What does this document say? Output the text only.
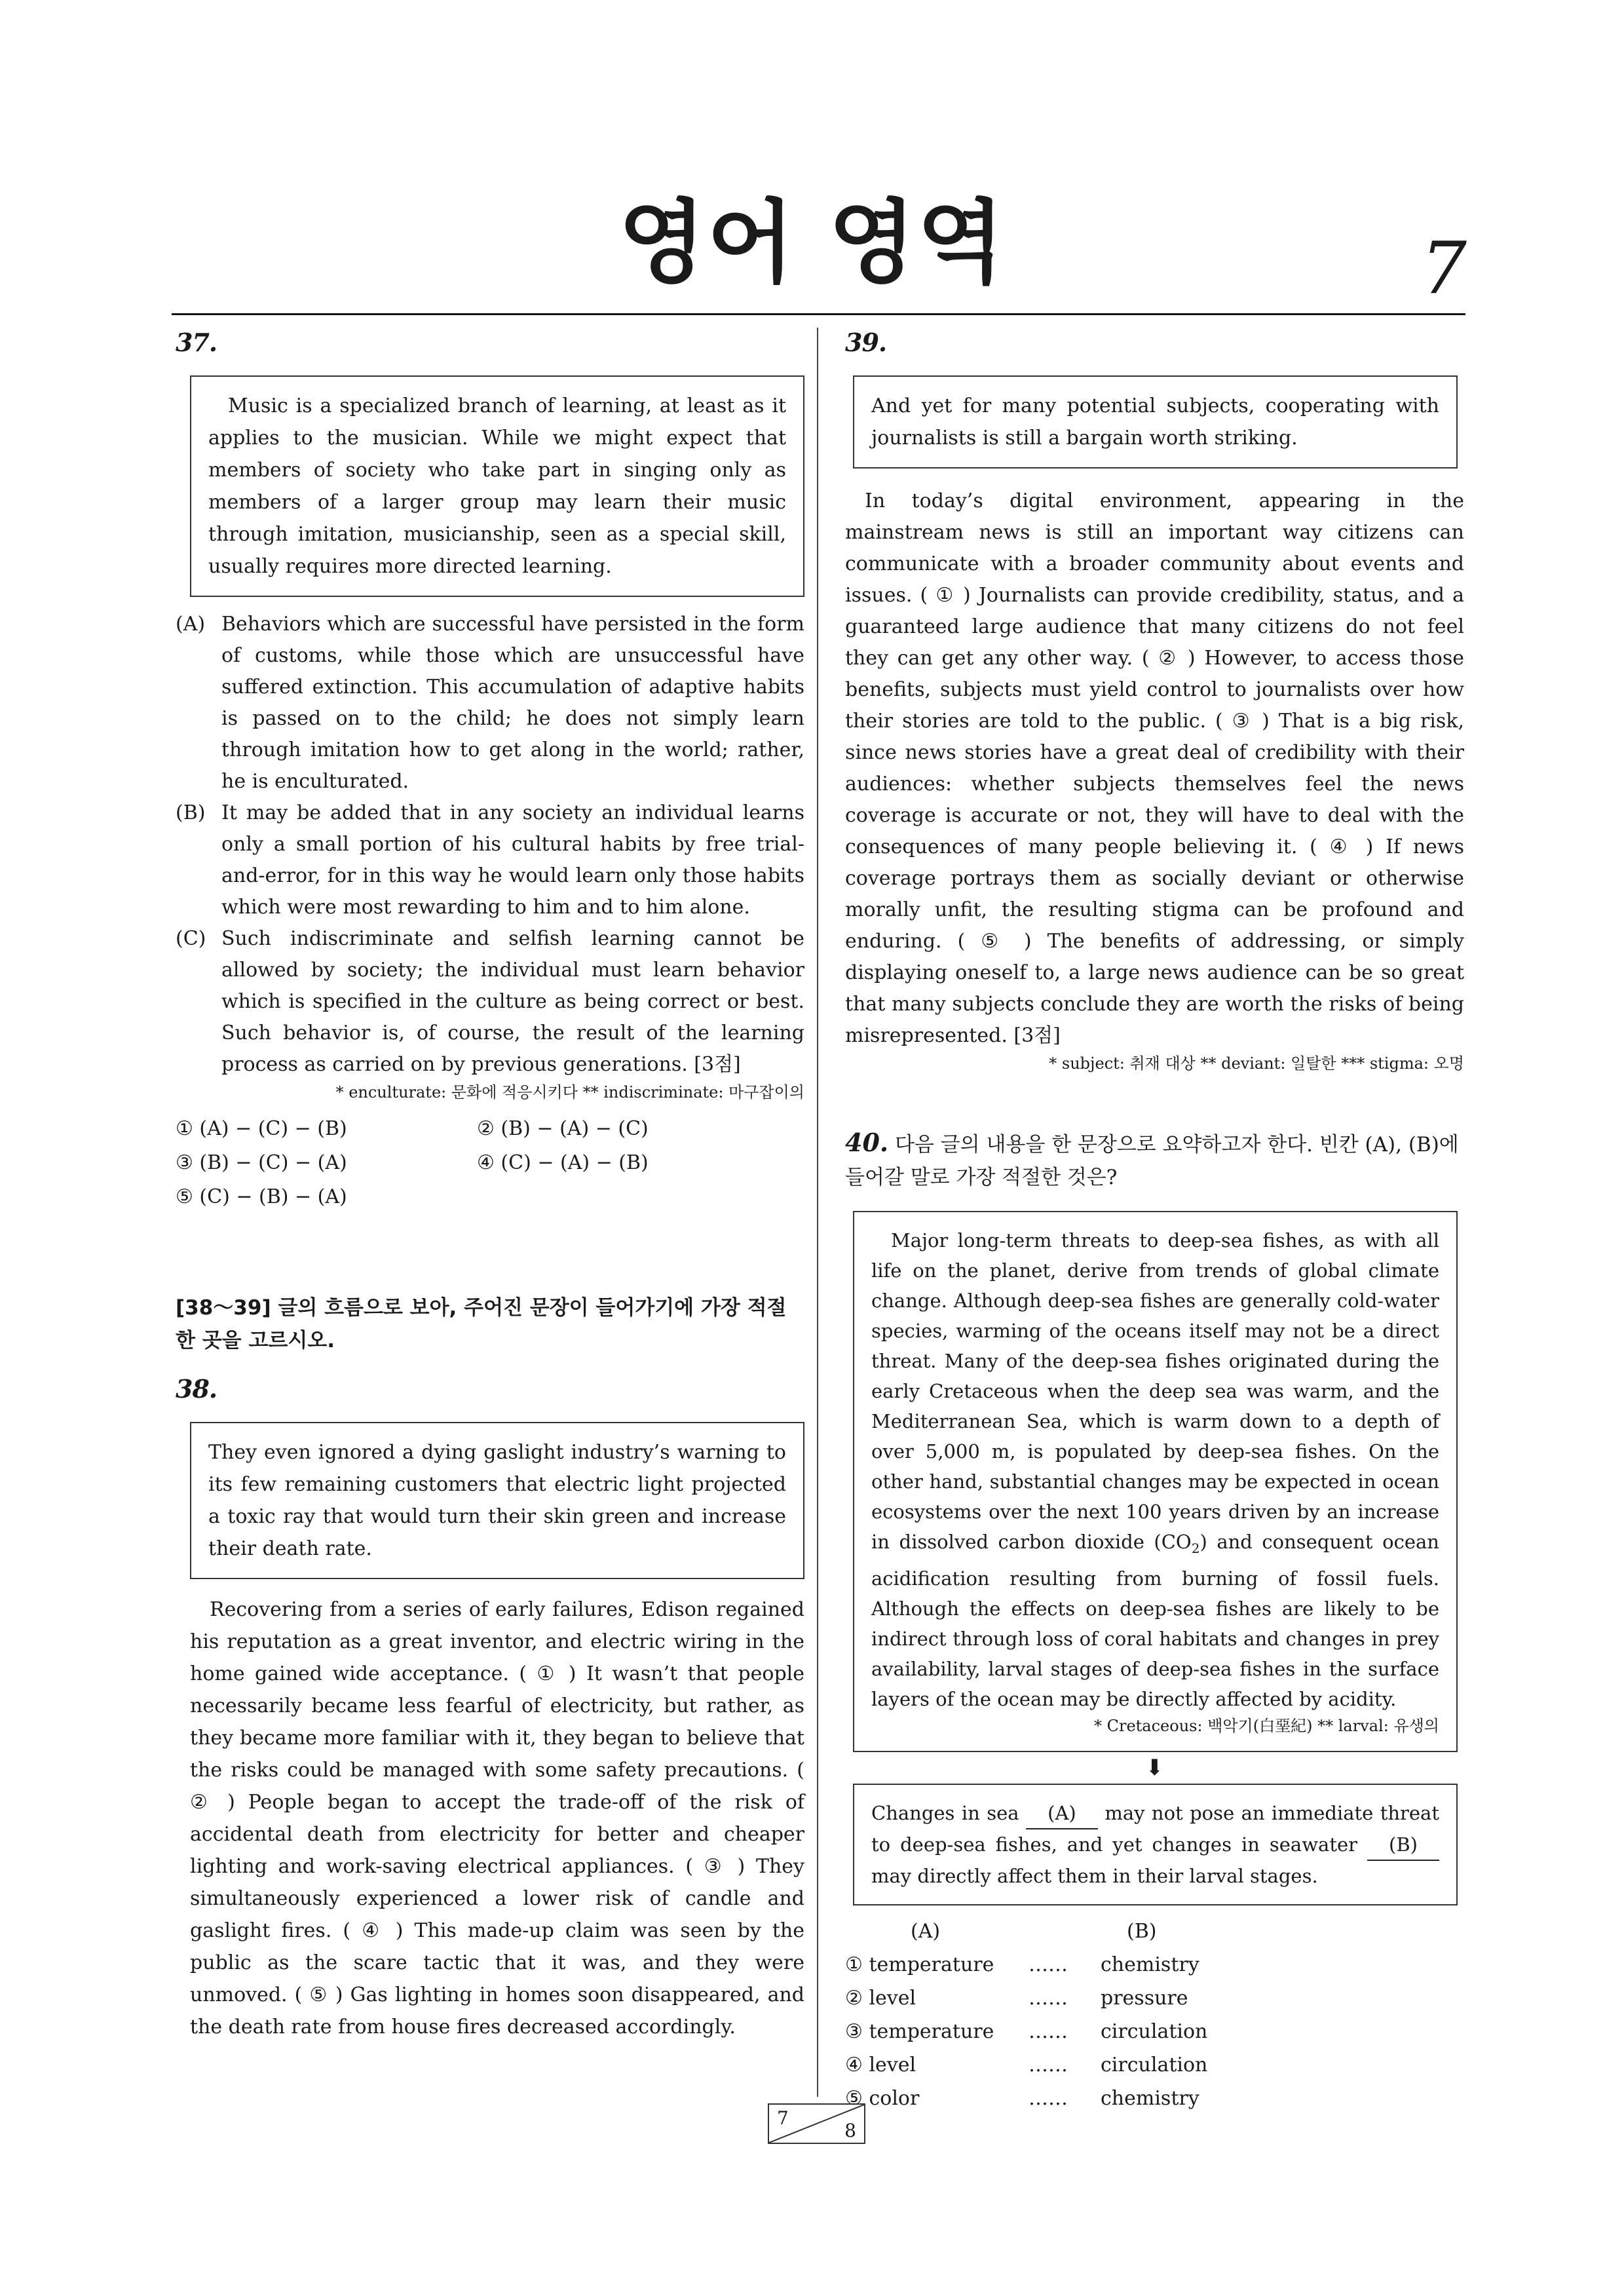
영어 영역	7
37.
Music is a specialized branch of learning, at least as it applies to the musician. While we might expect that members of society who take part in singing only as members of a larger group may learn their music through imitation, musicianship, seen as a special skill, usually requires more directed learning.
(A) Behaviors which are successful have persisted in the form of customs, while those which are unsuccessful have suffered extinction. This accumulation of adaptive habits is passed on to the child; he does not simply learn through imitation how to get along in the world; rather, he is enculturated.
(B) It may be added that in any society an individual learns only a small portion of his cultural habits by free trial-and-error, for in this way he would learn only those habits which were most rewarding to him and to him alone.
(C) Such indiscriminate and selfish learning cannot be allowed by society; the individual must learn behavior which is specified in the culture as being correct or best. Such behavior is, of course, the result of the learning process as carried on by previous generations. [3점]
* enculturate: 문화에 적응시키다 ** indiscriminate: 마구잡이의
① (A) − (C) − (B)	② (B) − (A) − (C)
③ (B) − (C) − (A)	④ (C) − (A) − (B)
⑤ (C) − (B) − (A)
[38～39] 글의 흐름으로 보아, 주어진 문장이 들어가기에 가장 적절한 곳을 고르시오.
38.
They even ignored a dying gaslight industry’s warning to its few remaining customers that electric light projected a toxic ray that would turn their skin green and increase their death rate.
Recovering from a series of early failures, Edison regained his reputation as a great inventor, and electric wiring in the home gained wide acceptance. ( ① ) It wasn’t that people necessarily became less fearful of electricity, but rather, as they became more familiar with it, they began to believe that the risks could be managed with some safety precautions. ( ② ) People began to accept the trade-off of the risk of accidental death from electricity for better and cheaper lighting and work-saving electrical appliances. ( ③ ) They simultaneously experienced a lower risk of candle and gaslight fires. ( ④ ) This made-up claim was seen by the public as the scare tactic that it was, and they were unmoved. ( ⑤ ) Gas lighting in homes soon disappeared, and the death rate from house fires decreased accordingly.
39.
And yet for many potential subjects, cooperating with journalists is still a bargain worth striking.
In today’s digital environment, appearing in the mainstream news is still an important way citizens can communicate with a broader community about events and issues. ( ① ) Journalists can provide credibility, status, and a guaranteed large audience that many citizens do not feel they can get any other way. ( ② ) However, to access those benefits, subjects must yield control to journalists over how their stories are told to the public. ( ③ ) That is a big risk, since news stories have a great deal of credibility with their audiences: whether subjects themselves feel the news coverage is accurate or not, they will have to deal with the consequences of many people believing it. ( ④ ) If news coverage portrays them as socially deviant or otherwise morally unfit, the resulting stigma can be profound and enduring. ( ⑤ ) The benefits of addressing, or simply displaying oneself to, a large news audience can be so great that many subjects conclude they are worth the risks of being misrepresented. [3점]
* subject: 취재 대상 ** deviant: 일탈한 *** stigma: 오명
40. 다음 글의 내용을 한 문장으로 요약하고자 한다. 빈칸 (A), (B)에 들어갈 말로 가장 적절한 것은?
Major long-term threats to deep-sea fishes, as with all life on the planet, derive from trends of global climate change. Although deep-sea fishes are generally cold-water species, warming of the oceans itself may not be a direct threat. Many of the deep-sea fishes originated during the early Cretaceous when the deep sea was warm, and the Mediterranean Sea, which is warm down to a depth of over 5,000 m, is populated by deep-sea fishes. On the other hand, substantial changes may be expected in ocean ecosystems over the next 100 years driven by an increase in dissolved carbon dioxide $(CO_2)$ and consequent ocean acidification resulting from burning of fossil fuels. Although the effects on deep-sea fishes are likely to be indirect through loss of coral habitats and changes in prey availability, larval stages of deep-sea fishes in the surface layers of the ocean may be directly affected by acidity.
* Cretaceous: 백악기(白堊紀) ** larval: 유생의
⬇
Changes in sea (A) may not pose an immediate threat to deep-sea fishes, and yet changes in seawater (B) may directly affect them in their larval stages.
(A)	(B)
① temperature	……	chemistry
② level	……	pressure
③ temperature	……	circulation
④ level	……	circulation
⑤ color	……	chemistry
7
8
